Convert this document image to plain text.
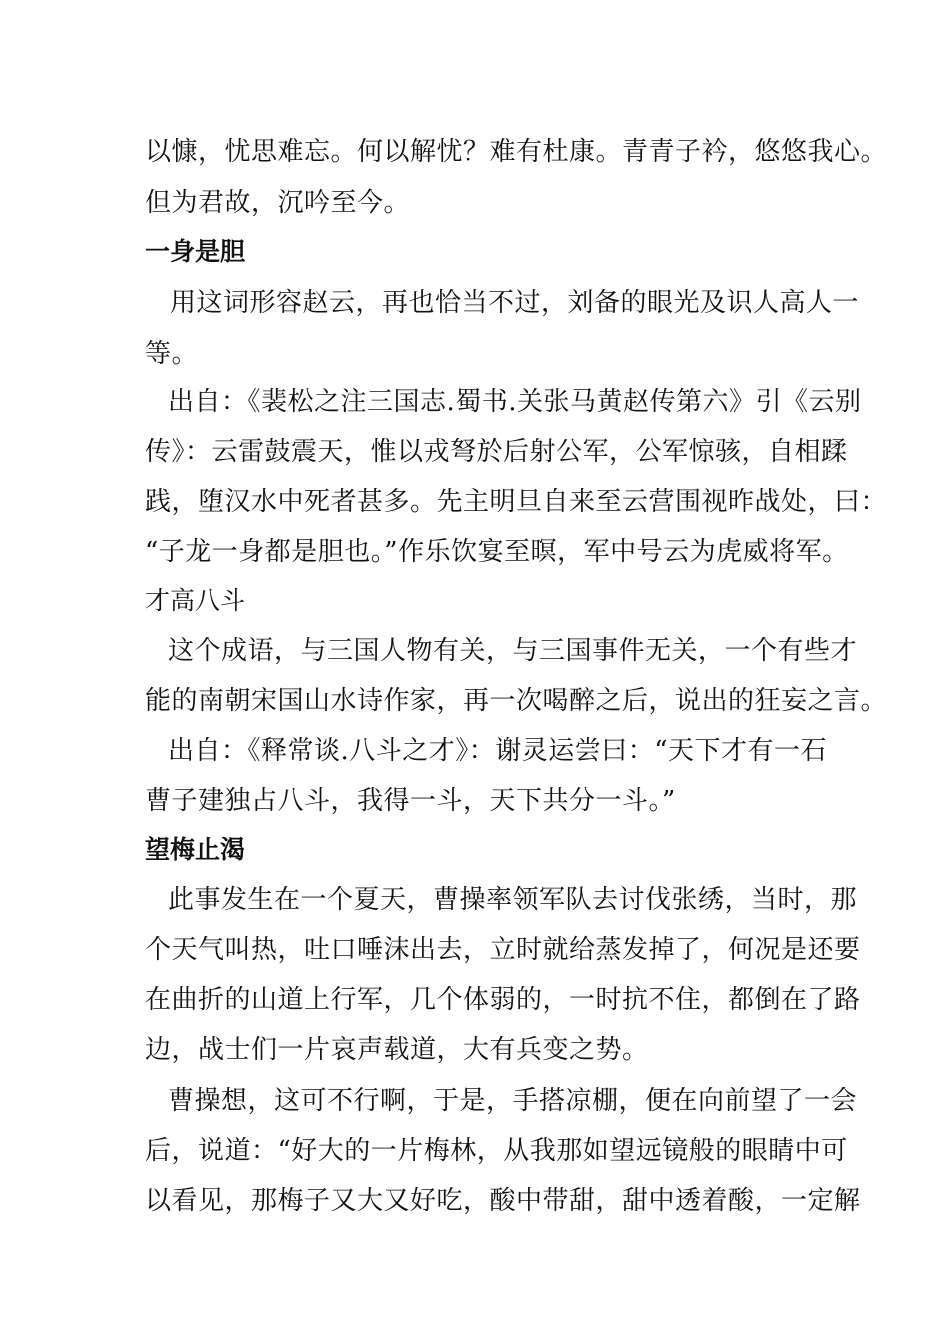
以慷，忧思难忘。何以解忧？难有杜康。青青子衿，悠悠我心。
但为君故，沉吟至今。
一身是胆
用这词形容赵云，再也恰当不过，刘备的眼光及识人高人一
等。
出自：《裴松之注三国志.蜀书.关张马黄赵传第六》引《云别
传》：云雷鼓震天，惟以戎弩於后射公军，公军惊骇，自相蹂
践，堕汉水中死者甚多。先主明旦自来至云营围视昨战处，曰：
“子龙一身都是胆也。”作乐饮宴至暝，军中号云为虎威将军。
才高八斗
这个成语，与三国人物有关，与三国事件无关，一个有些才
能的南朝宋国山水诗作家，再一次喝醉之后，说出的狂妄之言。
出自：《释常谈.八斗之才》：谢灵运尝曰：“天下才有一石
曹子建独占八斗，我得一斗，天下共分一斗。”
望梅止渴
此事发生在一个夏天，曹操率领军队去讨伐张绣，当时，那
个天气叫热，吐口唾沫出去，立时就给蒸发掉了，何况是还要
在曲折的山道上行军，几个体弱的，一时抗不住，都倒在了路
边，战士们一片哀声载道，大有兵变之势。
曹操想，这可不行啊，于是，手搭凉棚，便在向前望了一会
后，说道：“好大的一片梅林，从我那如望远镜般的眼睛中可
以看见，那梅子又大又好吃，酸中带甜，甜中透着酸，一定解
